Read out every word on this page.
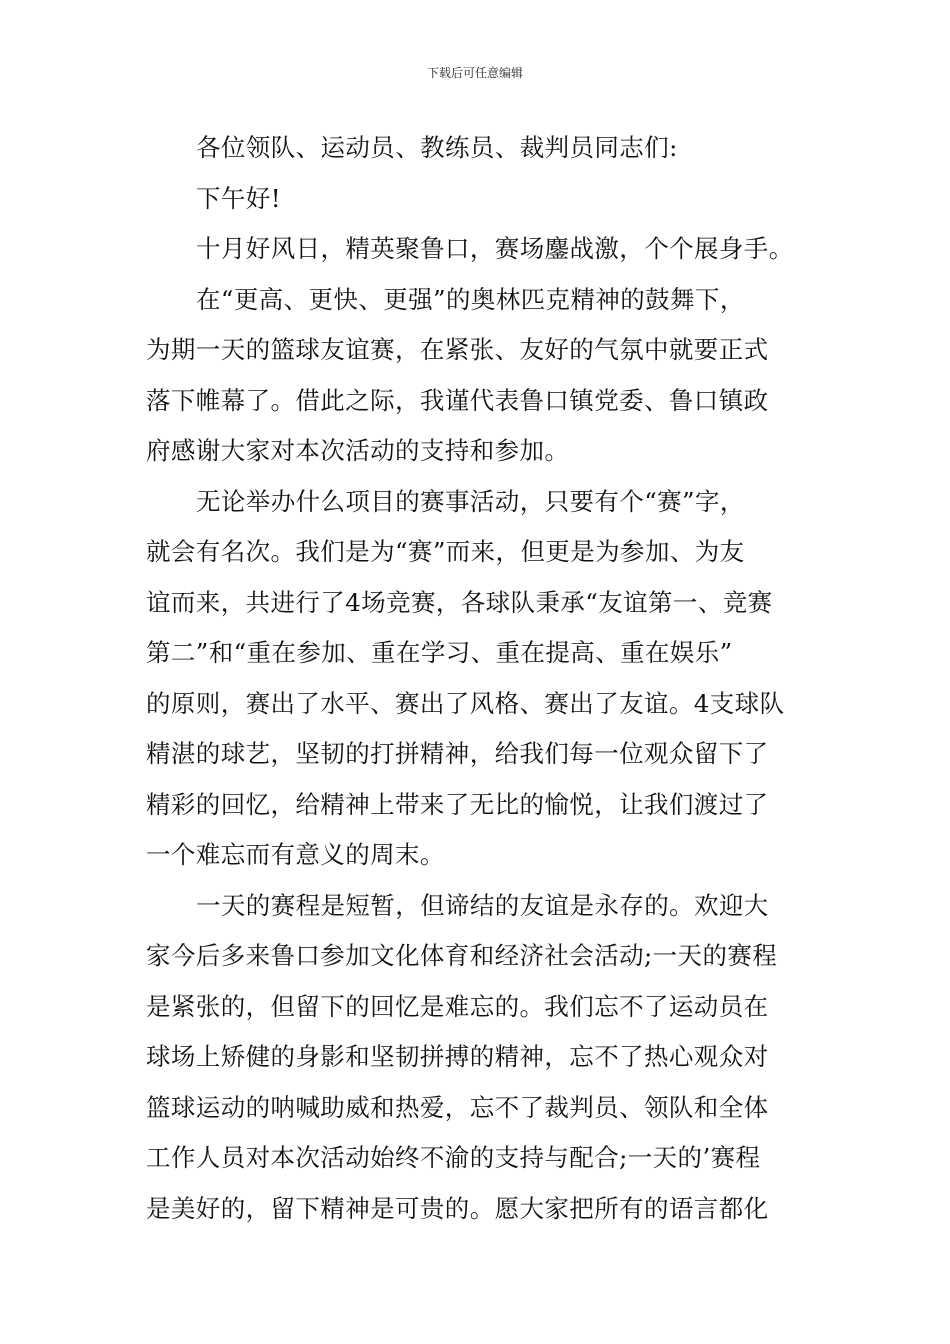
下载后可任意编辑
各位领队、运动员、教练员、裁判员同志们:
下午好!
十月好风日，精英聚鲁口，赛场鏖战激，个个展身手。
在“更高、更快、更强”的奥林匹克精神的鼓舞下，
为期一天的篮球友谊赛，在紧张、友好的气氛中就要正式
落下帷幕了。借此之际，我谨代表鲁口镇党委、鲁口镇政
府感谢大家对本次活动的支持和参加。
无论举办什么项目的赛事活动，只要有个“赛”字，
就会有名次。我们是为“赛”而来，但更是为参加、为友
谊而来，共进行了4场竞赛，各球队秉承“友谊第一、竞赛
第二”和“重在参加、重在学习、重在提高、重在娱乐”
的原则，赛出了水平、赛出了风格、赛出了友谊。4支球队
精湛的球艺，坚韧的打拼精神，给我们每一位观众留下了
精彩的回忆，给精神上带来了无比的愉悦，让我们渡过了
一个难忘而有意义的周末。
一天的赛程是短暂，但谛结的友谊是永存的。欢迎大
家今后多来鲁口参加文化体育和经济社会活动;一天的赛程
是紧张的，但留下的回忆是难忘的。我们忘不了运动员在
球场上矫健的身影和坚韧拼搏的精神，忘不了热心观众对
篮球运动的呐喊助威和热爱，忘不了裁判员、领队和全体
工作人员对本次活动始终不渝的支持与配合;一天的’赛程
是美好的，留下精神是可贵的。愿大家把所有的语言都化
